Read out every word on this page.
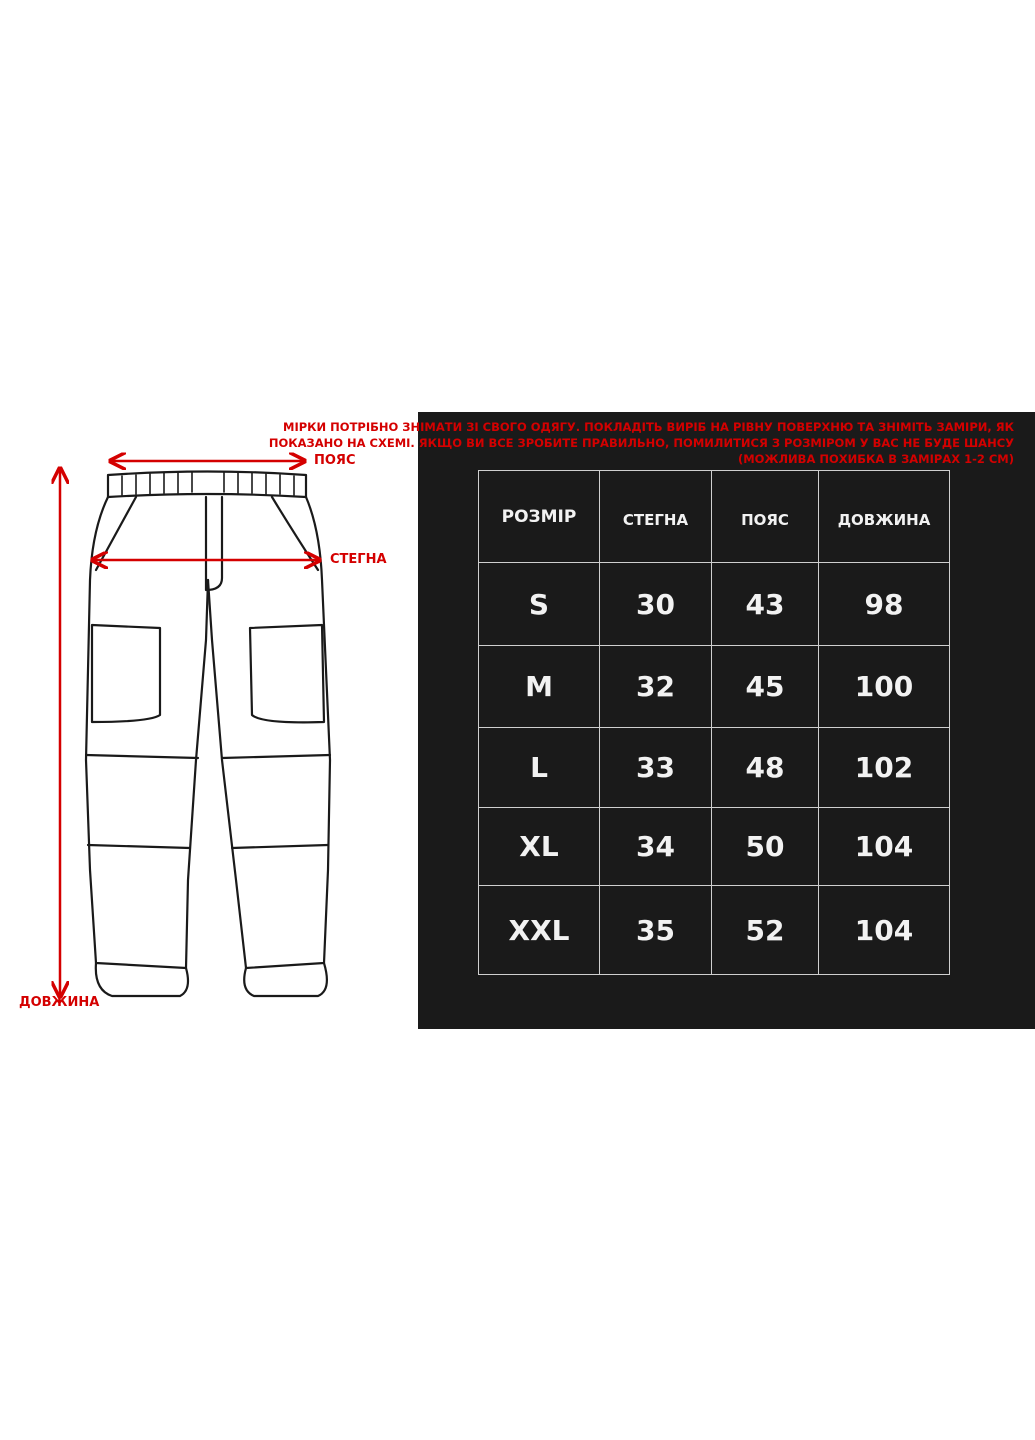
МІРКИ ПОТРІБНО ЗНІМАТИ ЗІ СВОГО ОДЯГУ. ПОКЛАДІТЬ ВИРІБ НА РІВНУ ПОВЕРХНЮ ТА ЗНІМІТЬ ЗАМІРИ, ЯК
ПОКАЗАНО НА СХЕМІ. ЯКЩО ВИ ВСЕ ЗРОБИТЕ ПРАВИЛЬНО, ПОМИЛИТИСЯ З РОЗМІРОМ У ВАС НЕ БУДЕ ШАНСУ
(МОЖЛИВА ПОХИБКА В ЗАМІРАХ 1-2 СМ)
РОЗМІР	СТЕГНА	ПОЯС	ДОВЖИНА
S	30	43	98
M	32	45	100
L	33	48	102
XL	34	50	104
XXL	35	52	104
ПОЯС
СТЕГНА
ДОВЖИНА
